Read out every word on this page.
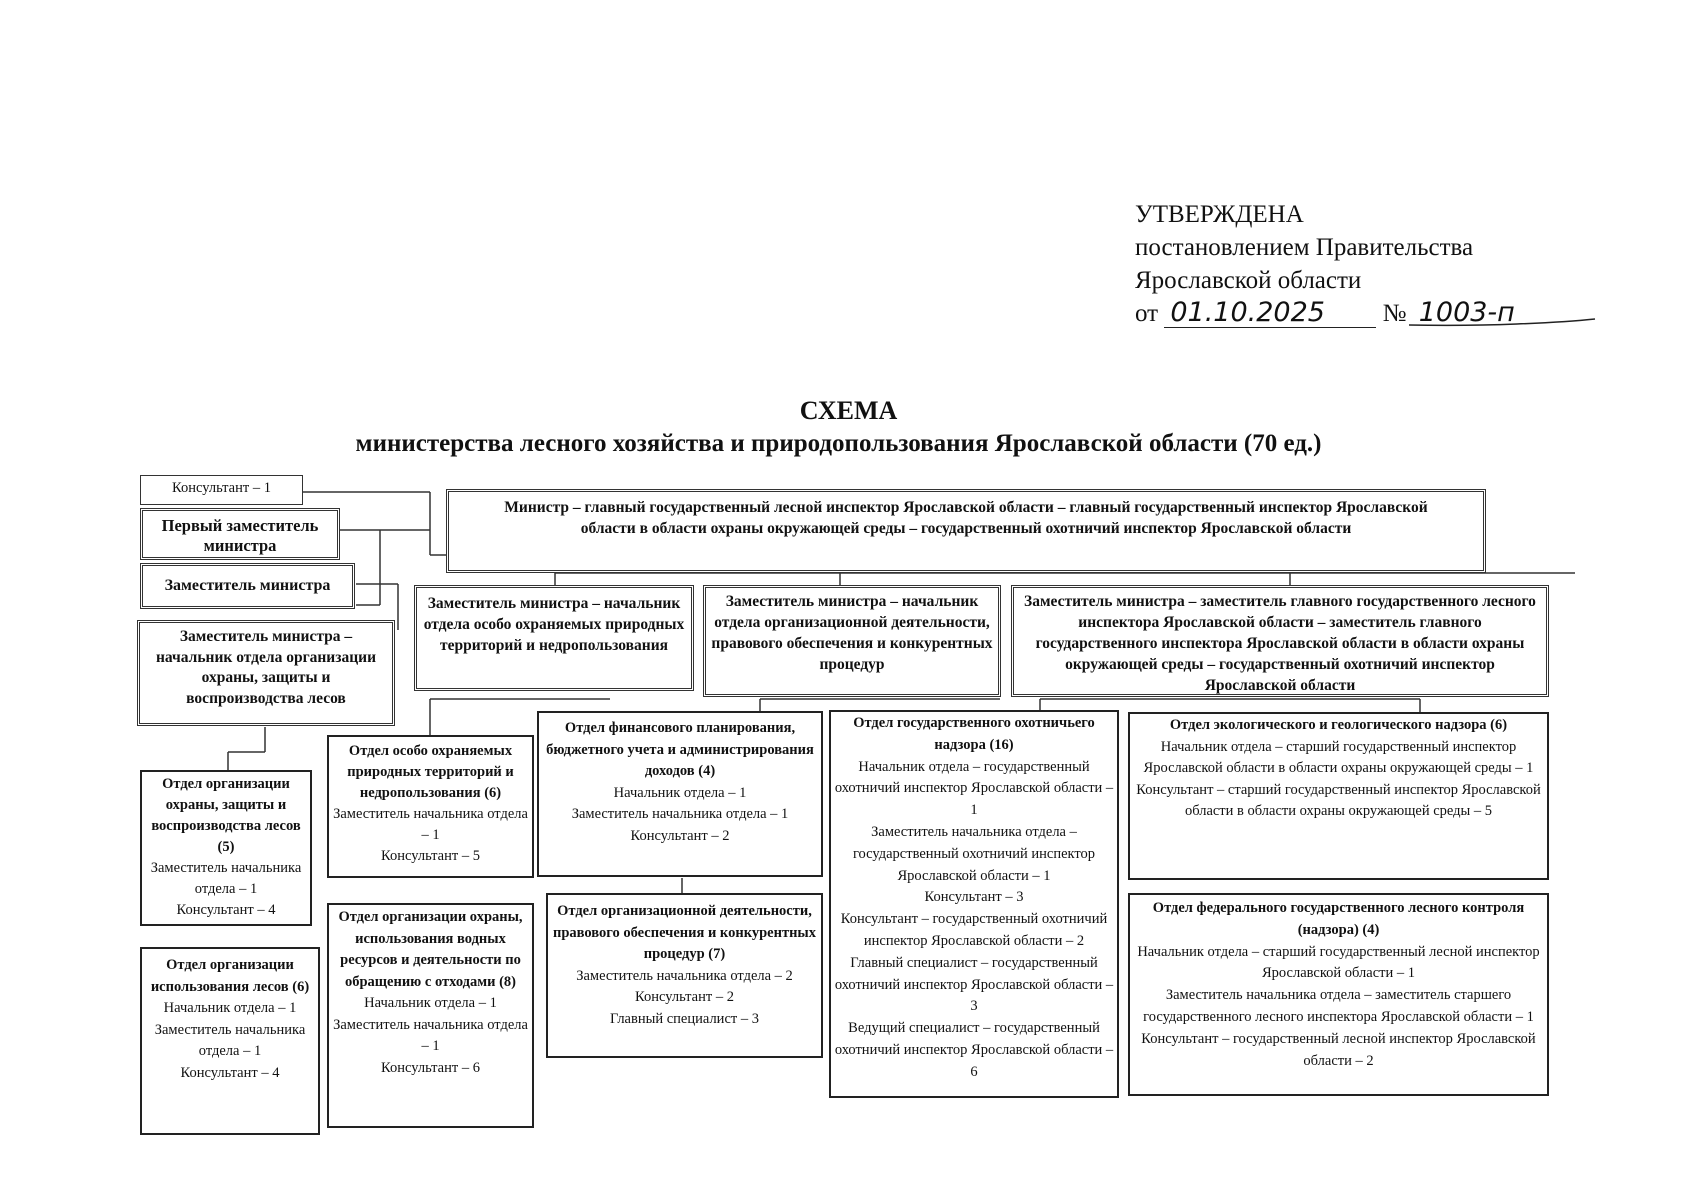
УТВЕРЖДЕНА
постановлением Правительства
Ярославской области
от 01.10.2025 № 1003-п
СХЕМА
министерства лесного хозяйства и природопользования Ярославской области (70 ед.)
Консультант – 1
Первый заместитель министра
Заместитель министра
Заместитель министра – начальник отдела организации охраны, защиты и воспроизводства лесов
Министр – главный государственный лесной инспектор Ярославской области – главный государственный инспектор Ярославской области в области охраны окружающей среды – государственный охотничий инспектор Ярославской области
Заместитель министра – начальник отдела особо охраняемых природных территорий и недропользования
Заместитель министра – начальник отдела организационной деятельности, правового обеспечения и конкурентных процедур
Заместитель министра – заместитель главного государственного лесного инспектора Ярославской области – заместитель главного государственного инспектора Ярославской области в области охраны окружающей среды – государственный охотничий инспектор Ярославской области
Отдел организации охраны, защиты и воспроизводства лесов (5)
Заместитель начальника отдела – 1
Консультант – 4
Отдел организации использования лесов (6)
Начальник отдела – 1
Заместитель начальника отдела – 1
Консультант – 4
Отдел особо охраняемых природных территорий и недропользования (6)
Заместитель начальника отдела – 1
Консультант – 5
Отдел организации охраны, использования водных ресурсов и деятельности по обращению с отходами (8)
Начальник отдела – 1
Заместитель начальника отдела – 1
Консультант – 6
Отдел финансового планирования, бюджетного учета и администрирования доходов (4)
Начальник отдела – 1
Заместитель начальника отдела – 1
Консультант – 2
Отдел организационной деятельности, правового обеспечения и конкурентных процедур (7)
Заместитель начальника отдела – 2
Консультант – 2
Главный специалист – 3
Отдел государственного охотничьего надзора (16)
Начальник отдела – государственный охотничий инспектор Ярославской области – 1
Заместитель начальника отдела – государственный охотничий инспектор Ярославской области – 1
Консультант – 3
Консультант – государственный охотничий инспектор Ярославской области – 2
Главный специалист – государственный охотничий инспектор Ярославской области – 3
Ведущий специалист – государственный охотничий инспектор Ярославской области – 6
Отдел экологического и геологического надзора (6)
Начальник отдела – старший государственный инспектор Ярославской области в области охраны окружающей среды – 1
Консультант – старший государственный инспектор Ярославской области в области охраны окружающей среды – 5
Отдел федерального государственного лесного контроля (надзора) (4)
Начальник отдела – старший государственный лесной инспектор Ярославской области – 1
Заместитель начальника отдела – заместитель старшего государственного лесного инспектора Ярославской области – 1
Консультант – государственный лесной инспектор Ярославской области – 2
